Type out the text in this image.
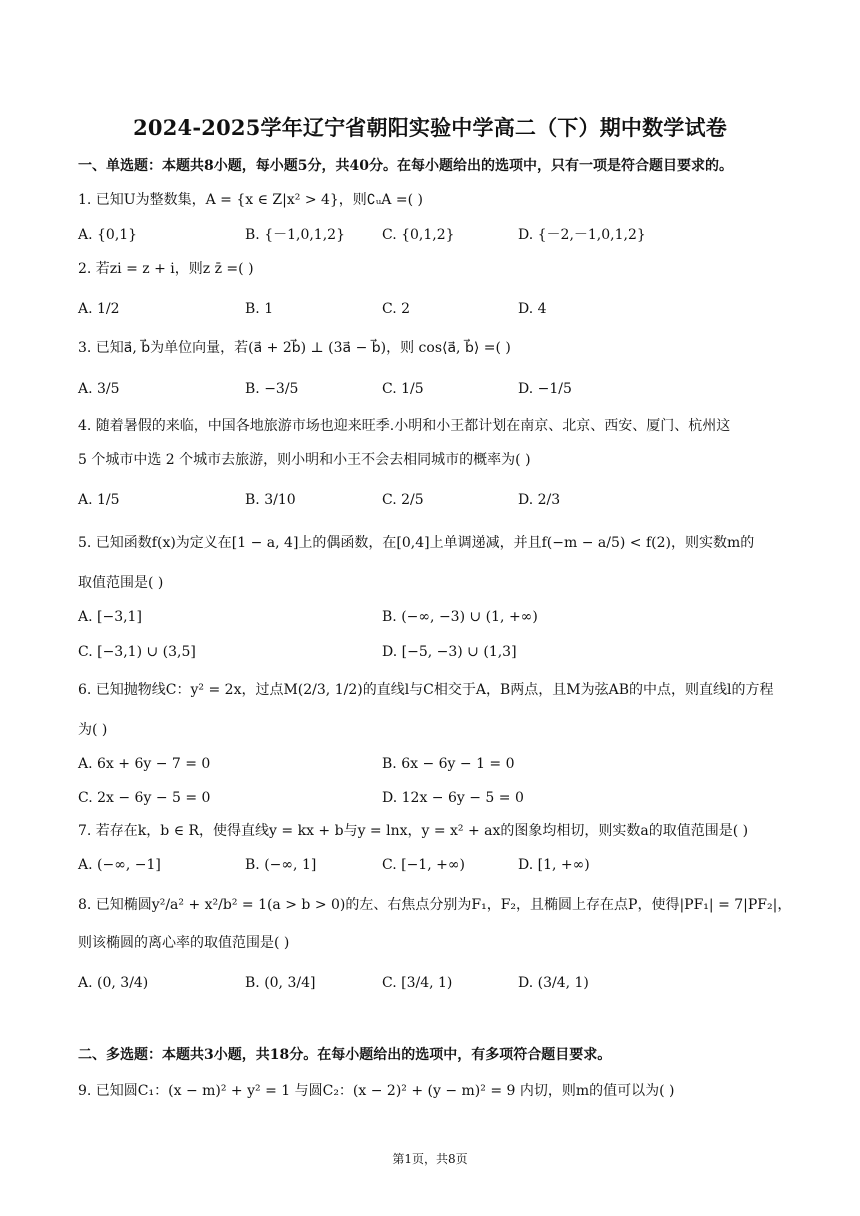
2024-2025学年辽宁省朝阳实验中学高二（下）期中数学试卷
一、单选题：本题共8小题，每小题5分，共40分。在每小题给出的选项中，只有一项是符合题目要求的。
1. 已知U为整数集，A = {x ∈ Z|x² > 4}，则∁ᵤA =( )
A. {0,1}	B. {－1,0,1,2}	C. {0,1,2}	D. {－2,－1,0,1,2}
2. 若zi = z + i，则z z̄ =( )
A. 1/2	B. 1	C. 2	D. 4
3. 已知a⃗, b⃗为单位向量，若(a⃗ + 2b⃗) ⊥ (3a⃗ − b⃗)，则 cos⟨a⃗, b⃗⟩ =( )
A. 3/5	B. −3/5	C. 1/5	D. −1/5
4. 随着暑假的来临，中国各地旅游市场也迎来旺季.小明和小王都计划在南京、北京、西安、厦门、杭州这
5 个城市中选 2 个城市去旅游，则小明和小王不会去相同城市的概率为( )
A. 1/5	B. 3/10	C. 2/5	D. 2/3
5. 已知函数f(x)为定义在[1 − a, 4]上的偶函数，在[0,4]上单调递减，并且f(−m − a/5) < f(2)，则实数m的
取值范围是( )
A. [−3,1]	B. (−∞, −3) ∪ (1, +∞)
C. [−3,1) ∪ (3,5]	D. [−5, −3) ∪ (1,3]
6. 已知抛物线C：y² = 2x，过点M(2/3, 1/2)的直线l与C相交于A，B两点，且M为弦AB的中点，则直线l的方程
为( )
A. 6x + 6y − 7 = 0	B. 6x − 6y − 1 = 0
C. 2x − 6y − 5 = 0	D. 12x − 6y − 5 = 0
7. 若存在k，b ∈ R，使得直线y = kx + b与y = lnx，y = x² + ax的图象均相切，则实数a的取值范围是( )
A. (−∞, −1]	B. (−∞, 1]	C. [−1, +∞)	D. [1, +∞)
8. 已知椭圆y²/a² + x²/b² = 1(a > b > 0)的左、右焦点分别为F₁，F₂，且椭圆上存在点P，使得|PF₁| = 7|PF₂|，
则该椭圆的离心率的取值范围是( )
A. (0, 3/4)	B. (0, 3/4]	C. [3/4, 1)	D. (3/4, 1)
二、多选题：本题共3小题，共18分。在每小题给出的选项中，有多项符合题目要求。
9. 已知圆C₁：(x − m)² + y² = 1 与圆C₂：(x − 2)² + (y − m)² = 9 内切，则m的值可以为( )
第1页，共8页
